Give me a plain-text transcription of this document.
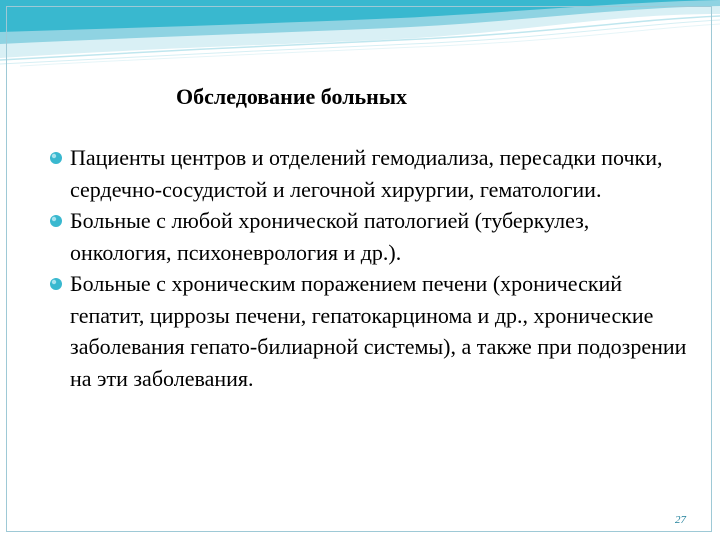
Обследование больных
Пациенты центров и отделений гемодиализа, пересадки почки, сердечно-сосудистой и легочной хирургии, гематологии.
Больные с любой хронической патологией (туберкулез, онкология, психоневрология и др.).
Больные с хроническим поражением печени (хронический гепатит, циррозы печени, гепатокарцинома и др., хронические заболевания гепато-билиарной системы), а также при подозрении на эти заболевания.
27
